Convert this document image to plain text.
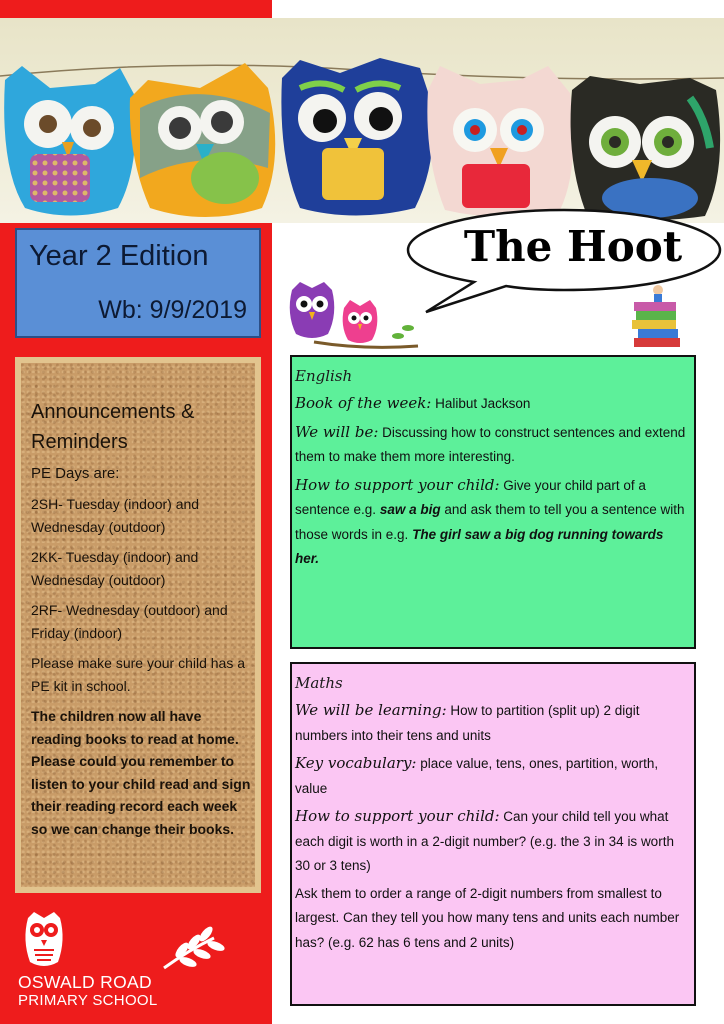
Year 2 Edition
Wb: 9/9/2019
The Hoot
Announcements & Reminders
PE Days are:
2SH- Tuesday (indoor) and Wednesday (outdoor)
2KK- Tuesday (indoor) and Wednesday (outdoor)
2RF- Wednesday (outdoor) and Friday (indoor)
Please make sure your child has a PE kit in school.
The children now all have reading books to read at home. Please could you remember to listen to your child read and sign their reading record each week so we can change their books.
OSWALD ROAD
PRIMARY SCHOOL
English
Book of the week: Halibut Jackson
We will be: Discussing how to construct sentences and extend them to make them more interesting.
How to support your child: Give your child part of a sentence e.g. saw a big and ask them to tell you a sentence with those words in e.g. The girl saw a big dog running towards her.
Maths
We will be learning: How to partition (split up) 2 digit numbers into their tens and units
Key vocabulary: place value, tens, ones, partition, worth, value
How to support your child: Can your child tell you what each digit is worth in a 2-digit number? (e.g. the 3 in 34 is worth 30 or 3 tens)
Ask them to order a range of 2-digit numbers from smallest to largest. Can they tell you how many tens and units each number has? (e.g. 62 has 6 tens and 2 units)
